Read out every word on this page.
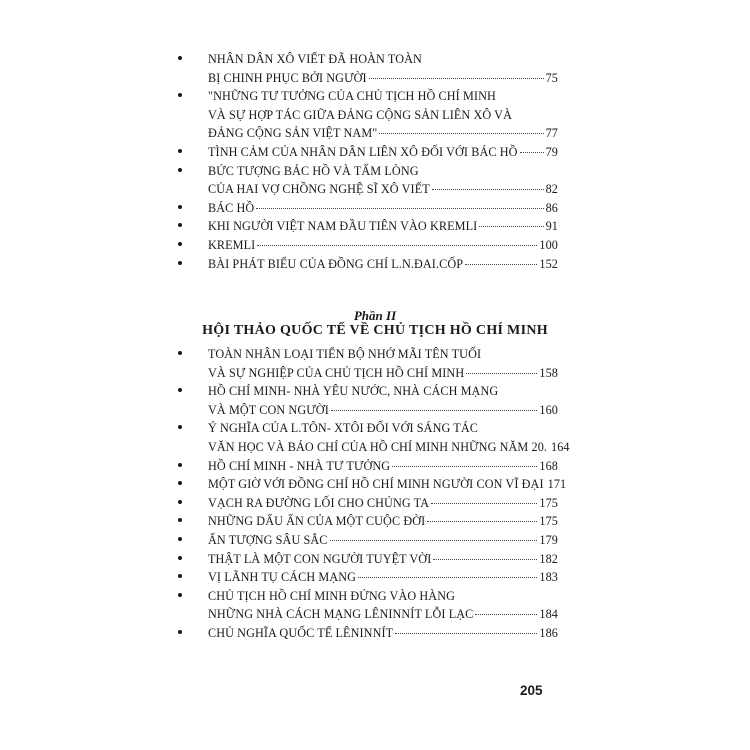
NHÂN DÂN XÔ VIẾT ĐÃ HOÀN TOÀN
BỊ CHINH PHỤC BỞI NGƯỜI	75
"NHỮNG TƯ TƯỞNG CỦA CHỦ TỊCH HỒ CHÍ MINH
VÀ SỰ HỢP TÁC GIỮA ĐẢNG CỘNG SẢN LIÊN XÔ VÀ
ĐẢNG CỘNG SẢN VIỆT NAM"	77
TÌNH CẢM CỦA NHÂN DÂN LIÊN XÔ ĐỐI VỚI BÁC HỒ 79
BỨC TƯỢNG BÁC HỒ VÀ TẤM LÒNG
CỦA HAI VỢ CHỒNG NGHỆ SĨ XÔ VIẾT	82
BÁC HỒ	86
KHI NGƯỜI VIỆT NAM ĐẦU TIÊN VÀO KREMLI	91
KREMLI	100
BÀI PHÁT BIỂU CỦA ĐỒNG CHÍ L.N.ĐAI.CỐP	152
Phần II
HỘI THẢO QUỐC TẾ VỀ CHỦ TỊCH HỒ CHÍ MINH
TOÀN NHÂN LOẠI TIẾN BỘ NHỚ MÃI TÊN TUỔI
VÀ SỰ NGHIỆP CỦA CHỦ TỊCH HỒ CHÍ MINH	158
HỒ CHÍ MINH- NHÀ YÊU NƯỚC, NHÀ CÁCH MẠNG
VÀ MỘT CON NGƯỜI	160
Ý NGHĨA CỦA L.TÔN- XTÔI ĐỐI VỚI SÁNG TÁC
VĂN HỌC VÀ BÁO CHÍ CỦA HỒ CHÍ MINH NHỮNG NĂM 20. 164
HỒ CHÍ MINH - NHÀ TƯ TƯỞNG	168
MỘT GIỜ VỚI ĐỒNG CHÍ HỒ CHÍ MINH NGƯỜI CON VĨ ĐẠI 171
VẠCH RA ĐƯỜNG LỐI CHO CHÚNG TA	175
NHỮNG DẤU ẤN CỦA MỘT CUỘC ĐỜI	175
ẤN TƯỢNG SÂU SẮC	179
THẬT LÀ MỘT CON NGƯỜI TUYỆT VỜI	182
VỊ LÃNH TỤ CÁCH MẠNG	183
CHỦ TỊCH HỒ CHÍ MINH ĐỨNG VÀO HÀNG
NHỮNG NHÀ CÁCH MẠNG LÊNINNÍT LỖI LẠC	184
CHỦ NGHĨA QUỐC TẾ LÊNINNÍT	186
205
